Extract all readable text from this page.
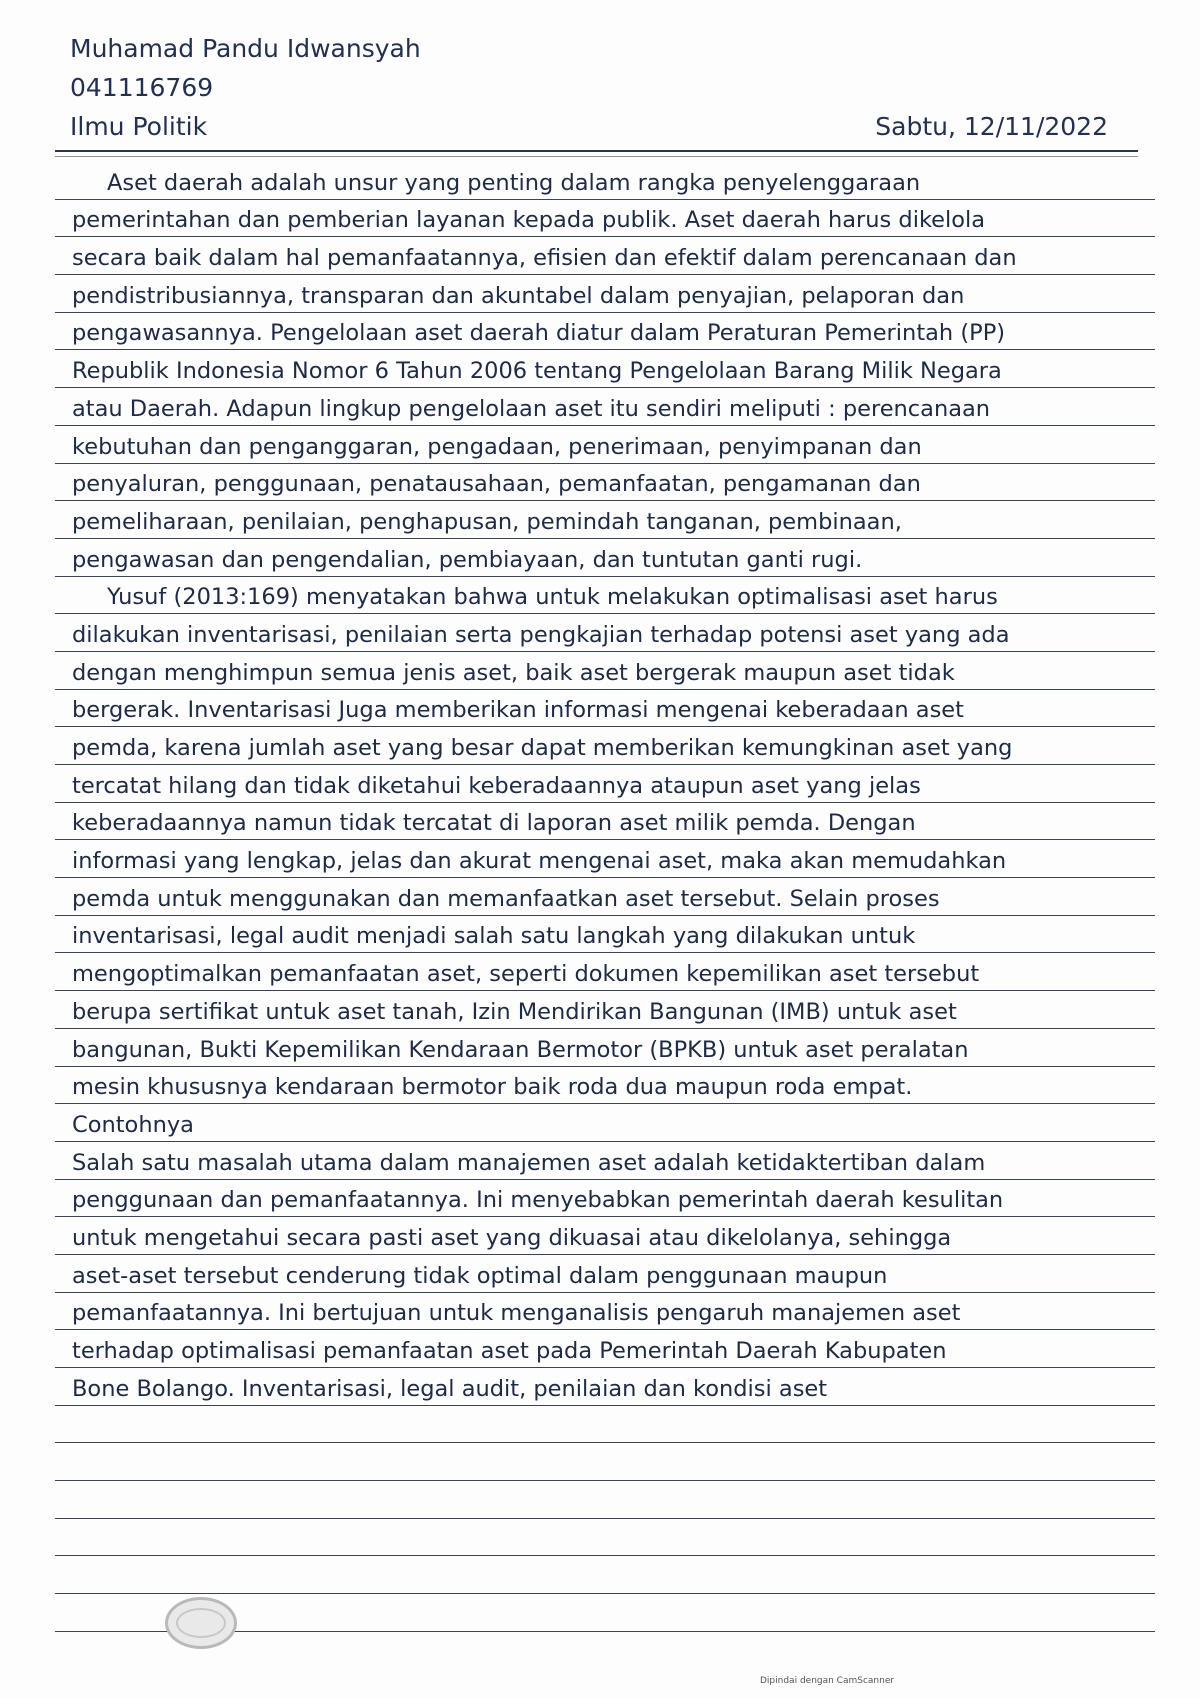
Muhamad Pandu Idwansyah
041116769
Ilmu Politik	Sabtu, 12/11/2022
Aset daerah adalah unsur yang penting dalam rangka penyelenggaraan
pemerintahan dan pemberian layanan kepada publik. Aset daerah harus dikelola
secara baik dalam hal pemanfaatannya, efisien dan efektif dalam perencanaan dan
pendistribusiannya, transparan dan akuntabel dalam penyajian, pelaporan dan
pengawasannya. Pengelolaan aset daerah diatur dalam Peraturan Pemerintah (PP)
Republik Indonesia Nomor 6 Tahun 2006 tentang Pengelolaan Barang Milik Negara
atau Daerah. Adapun lingkup pengelolaan aset itu sendiri meliputi : perencanaan
kebutuhan dan penganggaran, pengadaan, penerimaan, penyimpanan dan
penyaluran, penggunaan, penatausahaan, pemanfaatan, pengamanan dan
pemeliharaan, penilaian, penghapusan, pemindah tanganan, pembinaan,
pengawasan dan pengendalian, pembiayaan, dan tuntutan ganti rugi.
Yusuf (2013:169) menyatakan bahwa untuk melakukan optimalisasi aset harus
dilakukan inventarisasi, penilaian serta pengkajian terhadap potensi aset yang ada
dengan menghimpun semua jenis aset, baik aset bergerak maupun aset tidak
bergerak. Inventarisasi Juga memberikan informasi mengenai keberadaan aset
pemda, karena jumlah aset yang besar dapat memberikan kemungkinan aset yang
tercatat hilang dan tidak diketahui keberadaannya ataupun aset yang jelas
keberadaannya namun tidak tercatat di laporan aset milik pemda. Dengan
informasi yang lengkap, jelas dan akurat mengenai aset, maka akan memudahkan
pemda untuk menggunakan dan memanfaatkan aset tersebut. Selain proses
inventarisasi, legal audit menjadi salah satu langkah yang dilakukan untuk
mengoptimalkan pemanfaatan aset, seperti dokumen kepemilikan aset tersebut
berupa sertifikat untuk aset tanah, Izin Mendirikan Bangunan (IMB) untuk aset
bangunan, Bukti Kepemilikan Kendaraan Bermotor (BPKB) untuk aset peralatan
mesin khususnya kendaraan bermotor baik roda dua maupun roda empat.
Contohnya
Salah satu masalah utama dalam manajemen aset adalah ketidaktertiban dalam
penggunaan dan pemanfaatannya. Ini menyebabkan pemerintah daerah kesulitan
untuk mengetahui secara pasti aset yang dikuasai atau dikelolanya, sehingga
aset-aset tersebut cenderung tidak optimal dalam penggunaan maupun
pemanfaatannya. Ini bertujuan untuk menganalisis pengaruh manajemen aset
terhadap optimalisasi pemanfaatan aset pada Pemerintah Daerah Kabupaten
Bone Bolango. Inventarisasi, legal audit, penilaian dan kondisi aset
Dipindai dengan CamScanner
